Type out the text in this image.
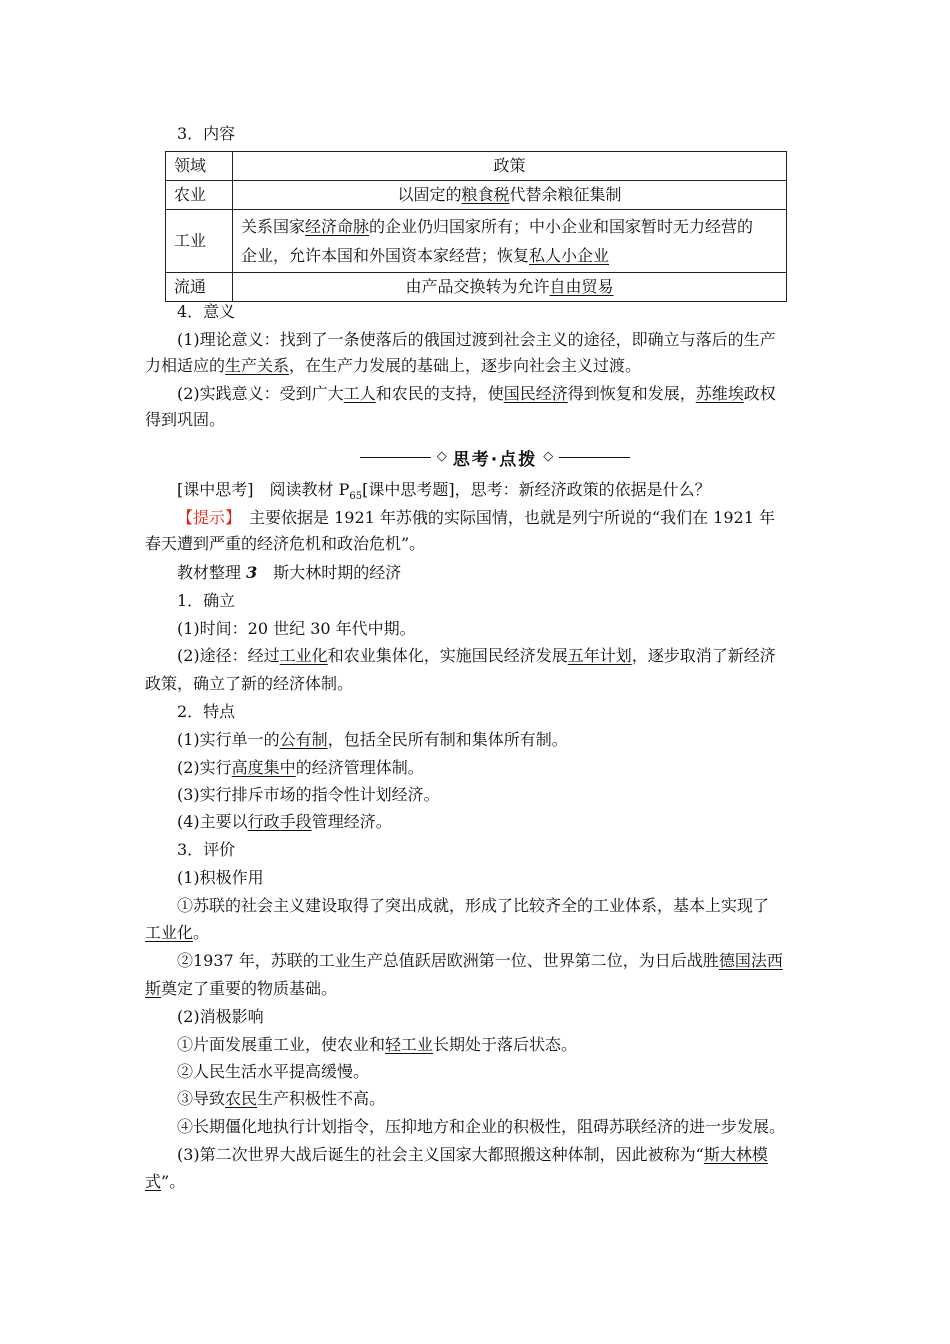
3．内容
领域	政策
农业	以固定的粮食税代替余粮征集制
工业	关系国家经济命脉的企业仍归国家所有；中小企业和国家暂时无力经营的
企业，允许本国和外国资本家经营；恢复私人小企业
流通	由产品交换转为允许自由贸易
4．意义
(1)理论意义：找到了一条使落后的俄国过渡到社会主义的途径，即确立与落后的生产
力相适应的生产关系，在生产力发展的基础上，逐步向社会主义过渡。
(2)实践意义：受到广大工人和农民的支持，使国民经济得到恢复和发展，苏维埃政权
得到巩固。
◇ 思考·点拨 ◇
[课中思考]　阅读教材 $P_{65}$[课中思考题]，思考：新经济政策的依据是什么？
【提示】　主要依据是 1921 年苏俄的实际国情，也就是列宁所说的“我们在 1921 年
春天遭到严重的经济危机和政治危机”。
教材整理 3　斯大林时期的经济
1．确立
(1)时间：20 世纪 30 年代中期。
(2)途径：经过工业化和农业集体化，实施国民经济发展五年计划，逐步取消了新经济
政策，确立了新的经济体制。
2．特点
(1)实行单一的公有制，包括全民所有制和集体所有制。
(2)实行高度集中的经济管理体制。
(3)实行排斥市场的指令性计划经济。
(4)主要以行政手段管理经济。
3．评价
(1)积极作用
①苏联的社会主义建设取得了突出成就，形成了比较齐全的工业体系，基本上实现了
工业化。
②1937 年，苏联的工业生产总值跃居欧洲第一位、世界第二位，为日后战胜德国法西
斯奠定了重要的物质基础。
(2)消极影响
①片面发展重工业，使农业和轻工业长期处于落后状态。
②人民生活水平提高缓慢。
③导致农民生产积极性不高。
④长期僵化地执行计划指令，压抑地方和企业的积极性，阻碍苏联经济的进一步发展。
(3)第二次世界大战后诞生的社会主义国家大都照搬这种体制，因此被称为“斯大林模
式”。
